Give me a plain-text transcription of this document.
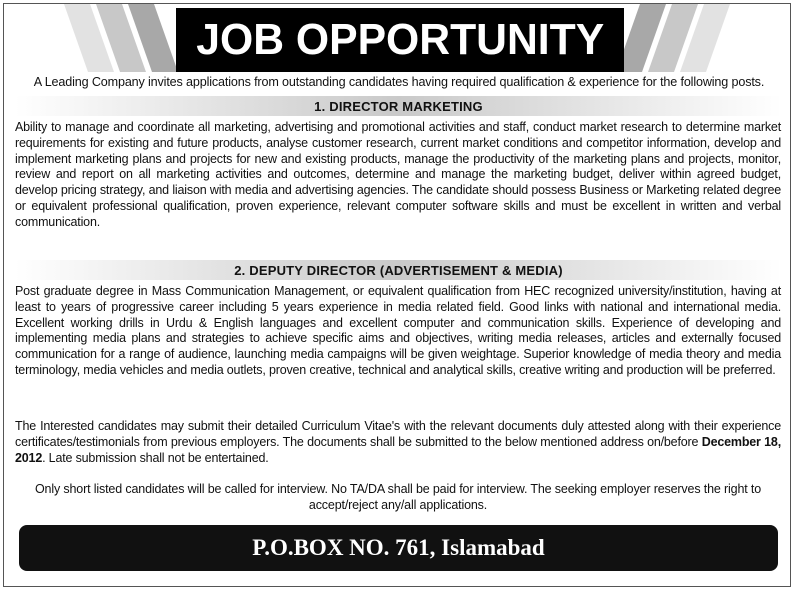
JOB OPPORTUNITY
A Leading Company invites applications from outstanding candidates having required qualification & experience for the following posts.
1. DIRECTOR MARKETING
Ability to manage and coordinate all marketing, advertising and promotional activities and staff, conduct market research to determine market requirements for existing and future products, analyse customer research, current market conditions and competitor information, develop and implement marketing plans and projects for new and existing products, manage the productivity of the marketing plans and projects, monitor, review and report on all marketing activities and outcomes, determine and manage the marketing budget, deliver within agreed budget, develop pricing strategy, and liaison with media and advertising agencies. The candidate should possess Business or Marketing related degree or equivalent professional qualification, proven experience, relevant computer software skills and must be excellent in written and verbal communication.
2. DEPUTY DIRECTOR (ADVERTISEMENT & MEDIA)
Post graduate degree in Mass Communication Management, or equivalent qualification from HEC recognized university/institution, having at least to years of progressive career including 5 years experience in media related field. Good links with national and international media. Excellent working drills in Urdu & English languages and excellent computer and communication skills. Experience of developing and implementing media plans and strategies to achieve specific aims and objectives, writing media releases, articles and externally focused communication for a range of audience, launching media campaigns will be given weightage. Superior knowledge of media theory and media terminology, media vehicles and media outlets, proven creative, technical and analytical skills, creative writing and production will be preferred.
The Interested candidates may submit their detailed Curriculum Vitae's with the relevant documents duly attested along with their experience certificates/testimonials from previous employers. The documents shall be submitted to the below mentioned address on/before December 18, 2012. Late submission shall not be entertained.
Only short listed candidates will be called for interview. No TA/DA shall be paid for interview. The seeking employer reserves the right to accept/reject any/all applications.
P.O.BOX NO. 761, Islamabad
